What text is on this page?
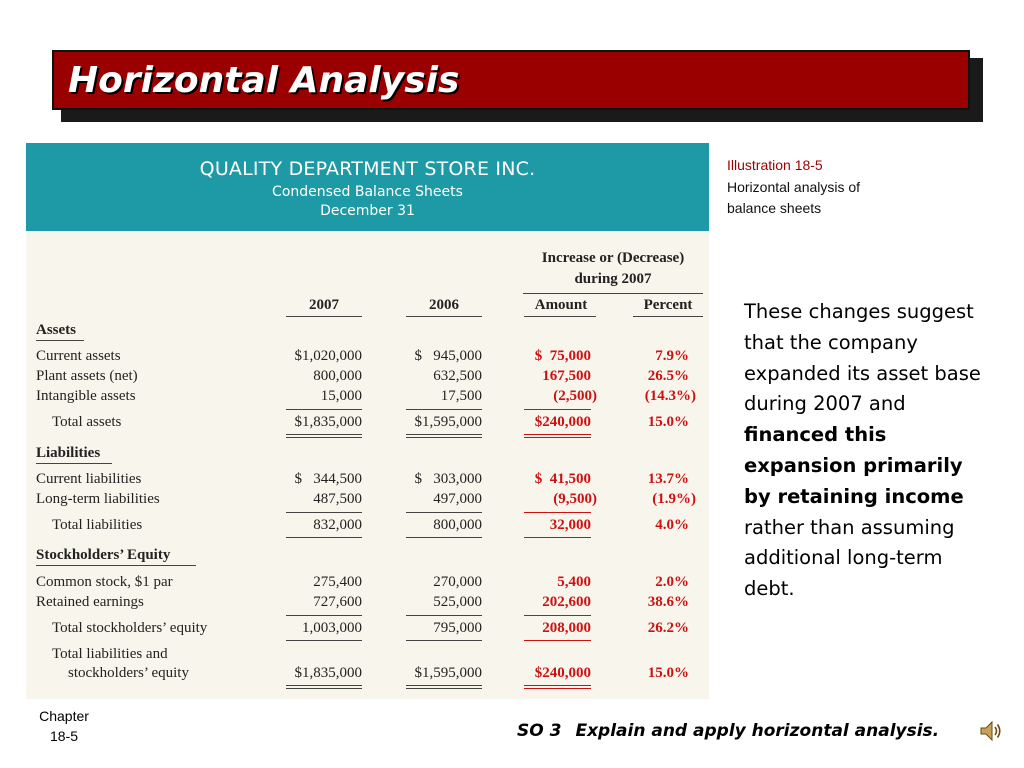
Horizontal Analysis
QUALITY DEPARTMENT STORE INC.
Condensed Balance Sheets
December 31
Increase or (Decrease)
during 2007
2007	2006	Amount	Percent
Assets
Current assets	$1,020,000	$   945,000	$  75,000	7.9%
Plant assets (net)	800,000	632,500	167,500	26.5%
Intangible assets	15,000	17,500	(2,500)	(14.3%)
Total assets	$1,835,000	$1,595,000	$240,000	15.0%
Liabilities
Current liabilities	$   344,500	$   303,000	$  41,500	13.7%
Long-term liabilities	487,500	497,000	(9,500)	(1.9%)
Total liabilities	832,000	800,000	32,000	4.0%
Stockholders’ Equity
Common stock, $1 par	275,400	270,000	5,400	2.0%
Retained earnings	727,600	525,000	202,600	38.6%
Total stockholders’ equity	1,003,000	795,000	208,000	26.2%
Total liabilities and
stockholders’ equity	$1,835,000	$1,595,000	$240,000	15.0%
Illustration 18-5
Horizontal analysis of balance sheets
These changes suggest that the company expanded its asset base during 2007 and financed this expansion primarily by retaining income rather than assuming additional long-term debt.
Chapter
18-5	SO 3 Explain and apply horizontal analysis.
